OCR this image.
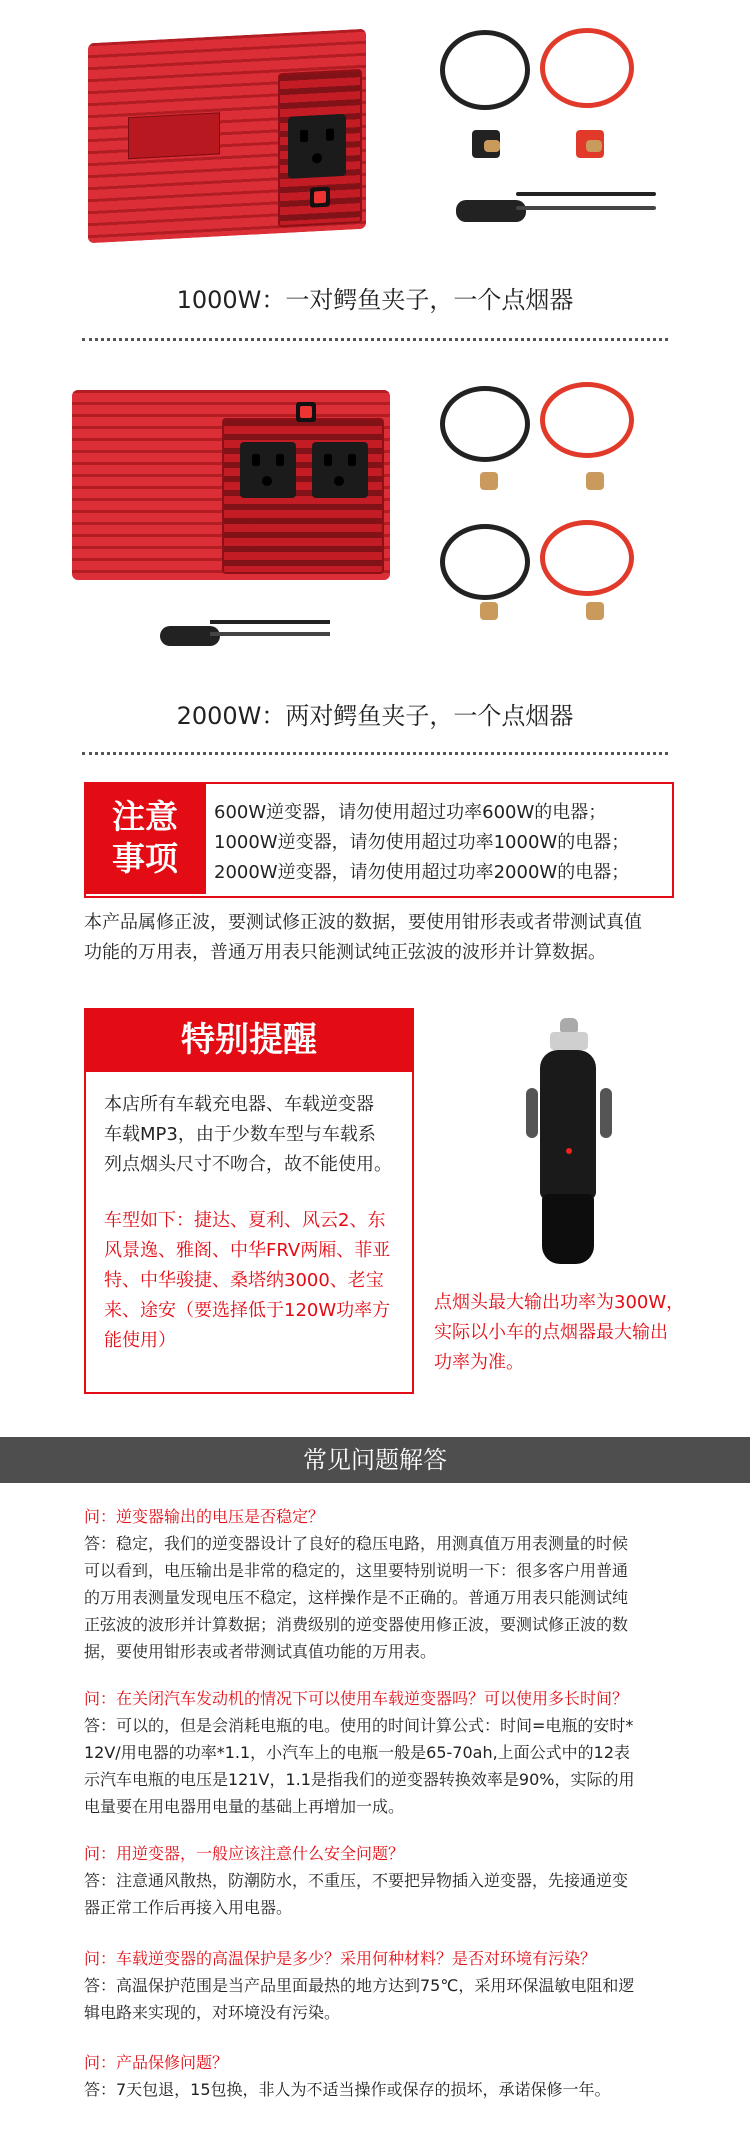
1000W：一对鳄鱼夹子，一个点烟器
2000W：两对鳄鱼夹子，一个点烟器
注意
事项
600W逆变器，请勿使用超过功率600W的电器；
1000W逆变器，请勿使用超过功率1000W的电器；
2000W逆变器，请勿使用超过功率2000W的电器；
本产品属修正波，要测试修正波的数据，要使用钳形表或者带测试真值
功能的万用表，普通万用表只能测试纯正弦波的波形并计算数据。
特别提醒
本店所有车载充电器、车载逆变器
车载MP3，由于少数车型与车载系
列点烟头尺寸不吻合，故不能使用。
车型如下：捷达、夏利、风云2、东
风景逸、雅阁、中华FRV两厢、菲亚
特、中华骏捷、桑塔纳3000、老宝
来、途安（要选择低于120W功率方
能使用）
点烟头最大输出功率为300W，
实际以小车的点烟器最大输出
功率为准。
常见问题解答
问：逆变器输出的电压是否稳定？
答：稳定，我们的逆变器设计了良好的稳压电路，用测真值万用表测量的时候
可以看到，电压输出是非常的稳定的，这里要特别说明一下：很多客户用普通
的万用表测量发现电压不稳定，这样操作是不正确的。普通万用表只能测试纯
正弦波的波形并计算数据；消费级别的逆变器使用修正波，要测试修正波的数
据，要使用钳形表或者带测试真值功能的万用表。
问：在关闭汽车发动机的情况下可以使用车载逆变器吗？可以使用多长时间？
答：可以的，但是会消耗电瓶的电。使用的时间计算公式：时间=电瓶的安时*
12V/用电器的功率*1.1，小汽车上的电瓶一般是65-70ah,上面公式中的12表
示汽车电瓶的电压是121V，1.1是指我们的逆变器转换效率是90%，实际的用
电量要在用电器用电量的基础上再增加一成。
问：用逆变器，一般应该注意什么安全问题？
答：注意通风散热，防潮防水，不重压，不要把异物插入逆变器，先接通逆变
器正常工作后再接入用电器。
问：车载逆变器的高温保护是多少？采用何种材料？是否对环境有污染？
答：高温保护范围是当产品里面最热的地方达到75℃，采用环保温敏电阻和逻
辑电路来实现的，对环境没有污染。
问：产品保修问题？
答：7天包退，15包换，非人为不适当操作或保存的损坏，承诺保修一年。
